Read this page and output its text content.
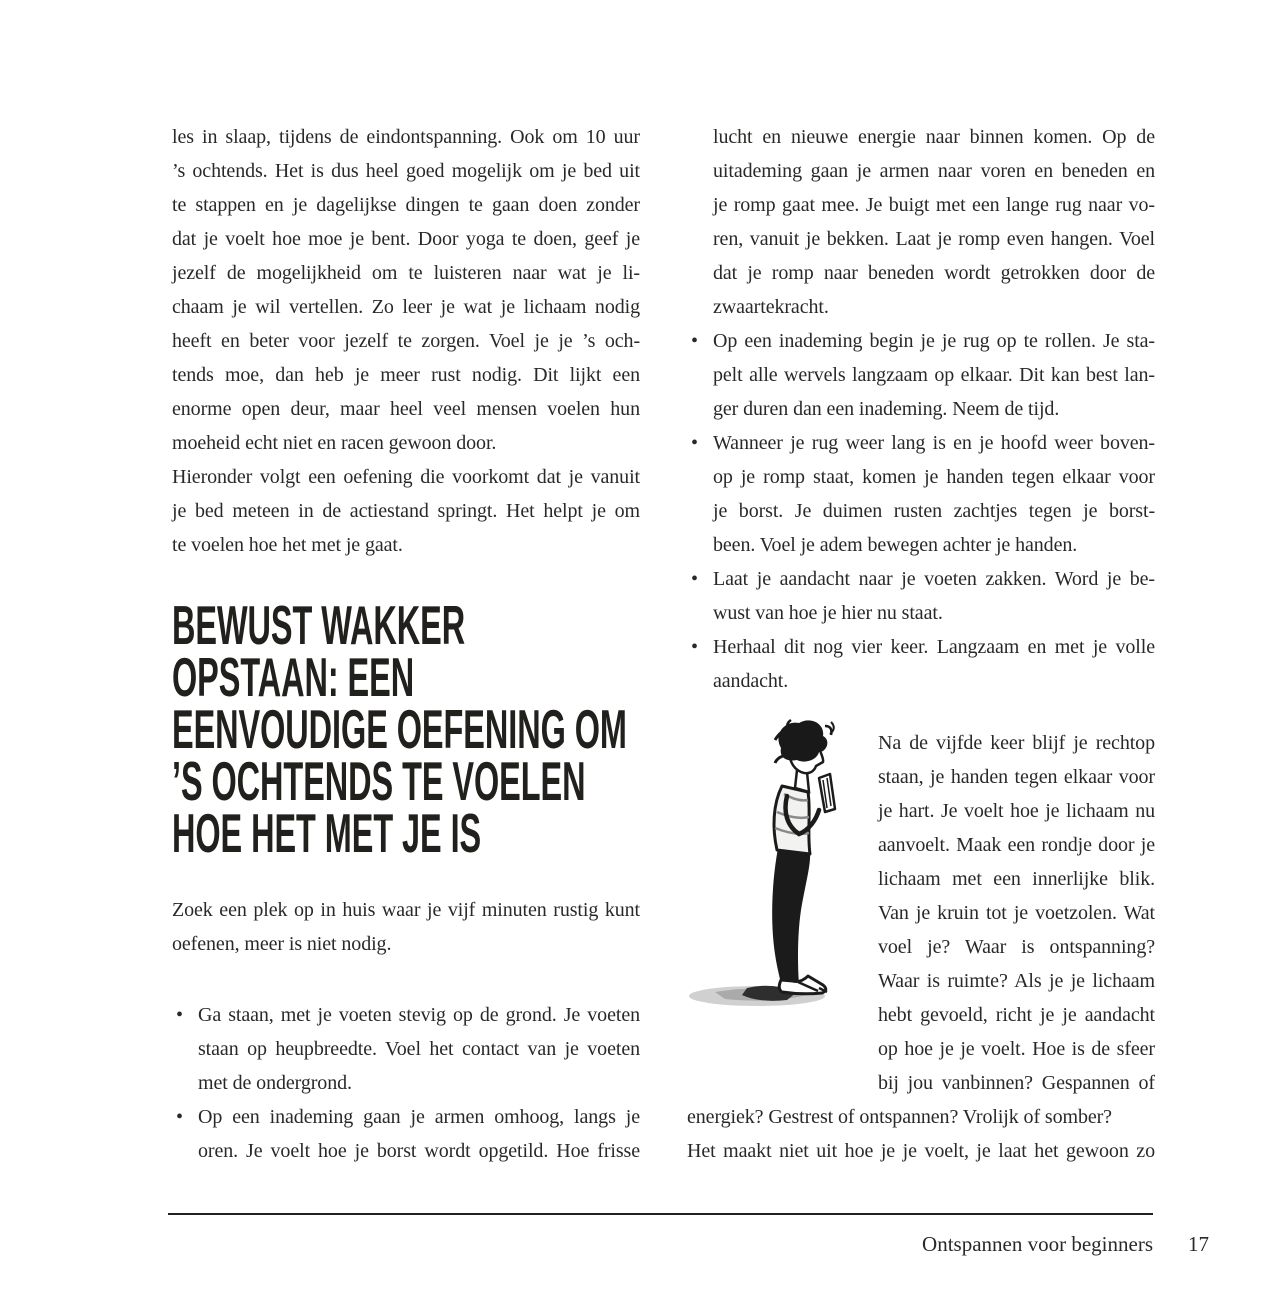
les in slaap, tijdens de eindontspanning. Ook om 10 uur
’s ochtends. Het is dus heel goed mogelijk om je bed uit
te stappen en je dagelijkse dingen te gaan doen zonder
dat je voelt hoe moe je bent. Door yoga te doen, geef je
jezelf de mogelijkheid om te luisteren naar wat je li-
chaam je wil vertellen. Zo leer je wat je lichaam nodig
heeft en beter voor jezelf te zorgen. Voel je je ’s och-
tends moe, dan heb je meer rust nodig. Dit lijkt een
enorme open deur, maar heel veel mensen voelen hun
moeheid echt niet en racen gewoon door.
Hieronder volgt een oefening die voorkomt dat je vanuit
je bed meteen in de actiestand springt. Het helpt je om
te voelen hoe het met je gaat.
BEWUST WAKKER
OPSTAAN: EEN
EENVOUDIGE OEFENING OM
’S OCHTENDS TE VOELEN
HOE HET MET JE IS
Zoek een plek op in huis waar je vijf minuten rustig kunt
oefenen, meer is niet nodig.
• Ga staan, met je voeten stevig op de grond. Je voeten
staan op heupbreedte. Voel het contact van je voeten
met de ondergrond.
• Op een inademing gaan je armen omhoog, langs je
oren. Je voelt hoe je borst wordt opgetild. Hoe frisse
lucht en nieuwe energie naar binnen komen. Op de
uitademing gaan je armen naar voren en beneden en
je romp gaat mee. Je buigt met een lange rug naar vo-
ren, vanuit je bekken. Laat je romp even hangen. Voel
dat je romp naar beneden wordt getrokken door de
zwaartekracht.
• Op een inademing begin je je rug op te rollen. Je sta-
pelt alle wervels langzaam op elkaar. Dit kan best lan-
ger duren dan een inademing. Neem de tijd.
• Wanneer je rug weer lang is en je hoofd weer boven-
op je romp staat, komen je handen tegen elkaar voor
je borst. Je duimen rusten zachtjes tegen je borst-
been. Voel je adem bewegen achter je handen.
• Laat je aandacht naar je voeten zakken. Word je be-
wust van hoe je hier nu staat.
• Herhaal dit nog vier keer. Langzaam en met je volle
aandacht.
Na de vijfde keer blijf je rechtop
staan, je handen tegen elkaar voor
je hart. Je voelt hoe je lichaam nu
aanvoelt. Maak een rondje door je
lichaam met een innerlijke blik.
Van je kruin tot je voetzolen. Wat
voel je? Waar is ontspanning?
Waar is ruimte? Als je je lichaam
hebt gevoeld, richt je je aandacht
op hoe je je voelt. Hoe is de sfeer
bij jou vanbinnen? Gespannen of
energiek? Gestrest of ontspannen? Vrolijk of somber?
Het maakt niet uit hoe je je voelt, je laat het gewoon zo
Ontspannen voor beginners 17
